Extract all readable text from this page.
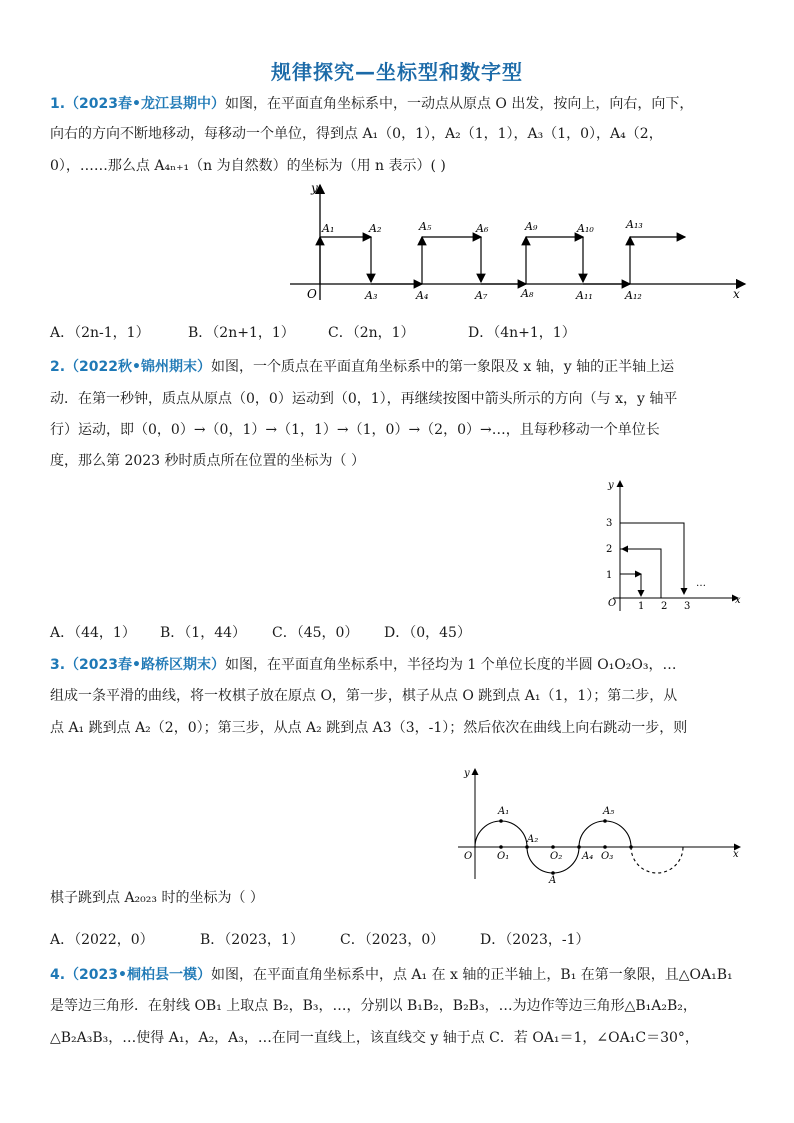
规律探究—坐标型和数字型
1.（2023春•龙江县期中）如图，在平面直角坐标系中，一动点从原点 O 出发，按向上，向右，向下，
向右的方向不断地移动，每移动一个单位，得到点 A₁（0，1），A₂（1，1），A₃（1，0），A₄（2，
0），……那么点 A₄ₙ₊₁（n 为自然数）的坐标为（用 n 表示）( )
y
x
O
A₁	A₂
A₃	A₄
A₅	A₆
A₇	A₈
A₉	A₁₀
A₁₁	A₁₂
A₁₃
A．（2n-1，1）	B．（2n+1，1） C．（2n，1）	D．（4n+1，1）
2.（2022秋•锦州期末）如图，一个质点在平面直角坐标系中的第一象限及 x 轴，y 轴的正半轴上运
动．在第一秒钟，质点从原点（0，0）运动到（0，1），再继续按图中箭头所示的方向（与 x，y 轴平
行）运动，即（0，0）→（0，1）→（1，1）→（1，0）→（2，0）→…，且每秒移动一个单位长
度，那么第 2023 秒时质点所在位置的坐标为（ ）
y
x
O 1 2 3
1
2
3
…
A．（44，1） B．（1，44） C．（45，0） D．（0，45）
3.（2023春•路桥区期末）如图，在平面直角坐标系中，半径均为 1 个单位长度的半圆 O₁O₂O₃，…
组成一条平滑的曲线，将一枚棋子放在原点 O，第一步，棋子从点 O 跳到点 A₁（1，1）；第二步，从
点 A₁ 跳到点 A₂（2，0）；第三步，从点 A₂ 跳到点 A3（3，-1）；然后依次在曲线上向右跳动一步，则
y
x
O
A₁
O₁
A₂
O₂
A
A₄ O₃
A₅
棋子跳到点 A₂₀₂₃ 时的坐标为（ ）
A．（2022，0）	B．（2023，1）	C．（2023，0）	D．（2023，-1）
4.（2023•桐柏县一模）如图，在平面直角坐标系中，点 A₁ 在 x 轴的正半轴上，B₁ 在第一象限，且△OA₁B₁
是等边三角形．在射线 OB₁ 上取点 B₂，B₃，…，分别以 B₁B₂，B₂B₃，…为边作等边三角形△B₁A₂B₂，
△B₂A₃B₃，…使得 A₁，A₂，A₃，…在同一直线上，该直线交 y 轴于点 C．若 OA₁＝1，∠OA₁C＝30°，
